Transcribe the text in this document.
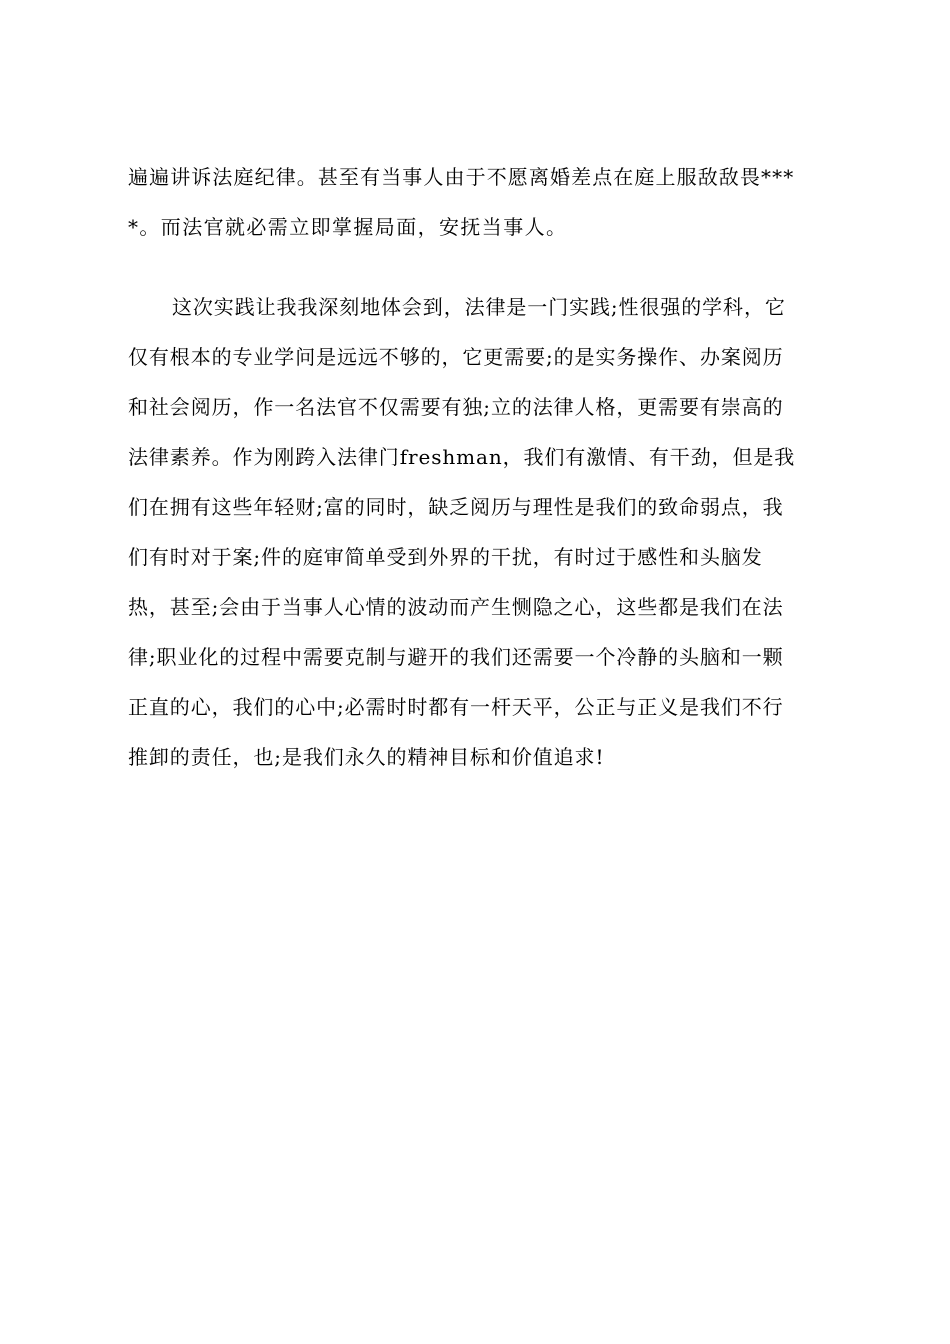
遍遍讲诉法庭纪律。甚至有当事人由于不愿离婚差点在庭上服敌敌畏***
*。而法官就必需立即掌握局面，安抚当事人。
这次实践让我我深刻地体会到，法律是一门实践;性很强的学科，它
仅有根本的专业学问是远远不够的，它更需要;的是实务操作、办案阅历
和社会阅历，作一名法官不仅需要有独;立的法律人格，更需要有崇高的
法律素养。作为刚跨入法律门freshman，我们有激情、有干劲，但是我
们在拥有这些年轻财;富的同时，缺乏阅历与理性是我们的致命弱点，我
们有时对于案;件的庭审简单受到外界的干扰，有时过于感性和头脑发
热，甚至;会由于当事人心情的波动而产生恻隐之心，这些都是我们在法
律;职业化的过程中需要克制与避开的我们还需要一个冷静的头脑和一颗
正直的心，我们的心中;必需时时都有一杆天平，公正与正义是我们不行
推卸的责任，也;是我们永久的精神目标和价值追求!
